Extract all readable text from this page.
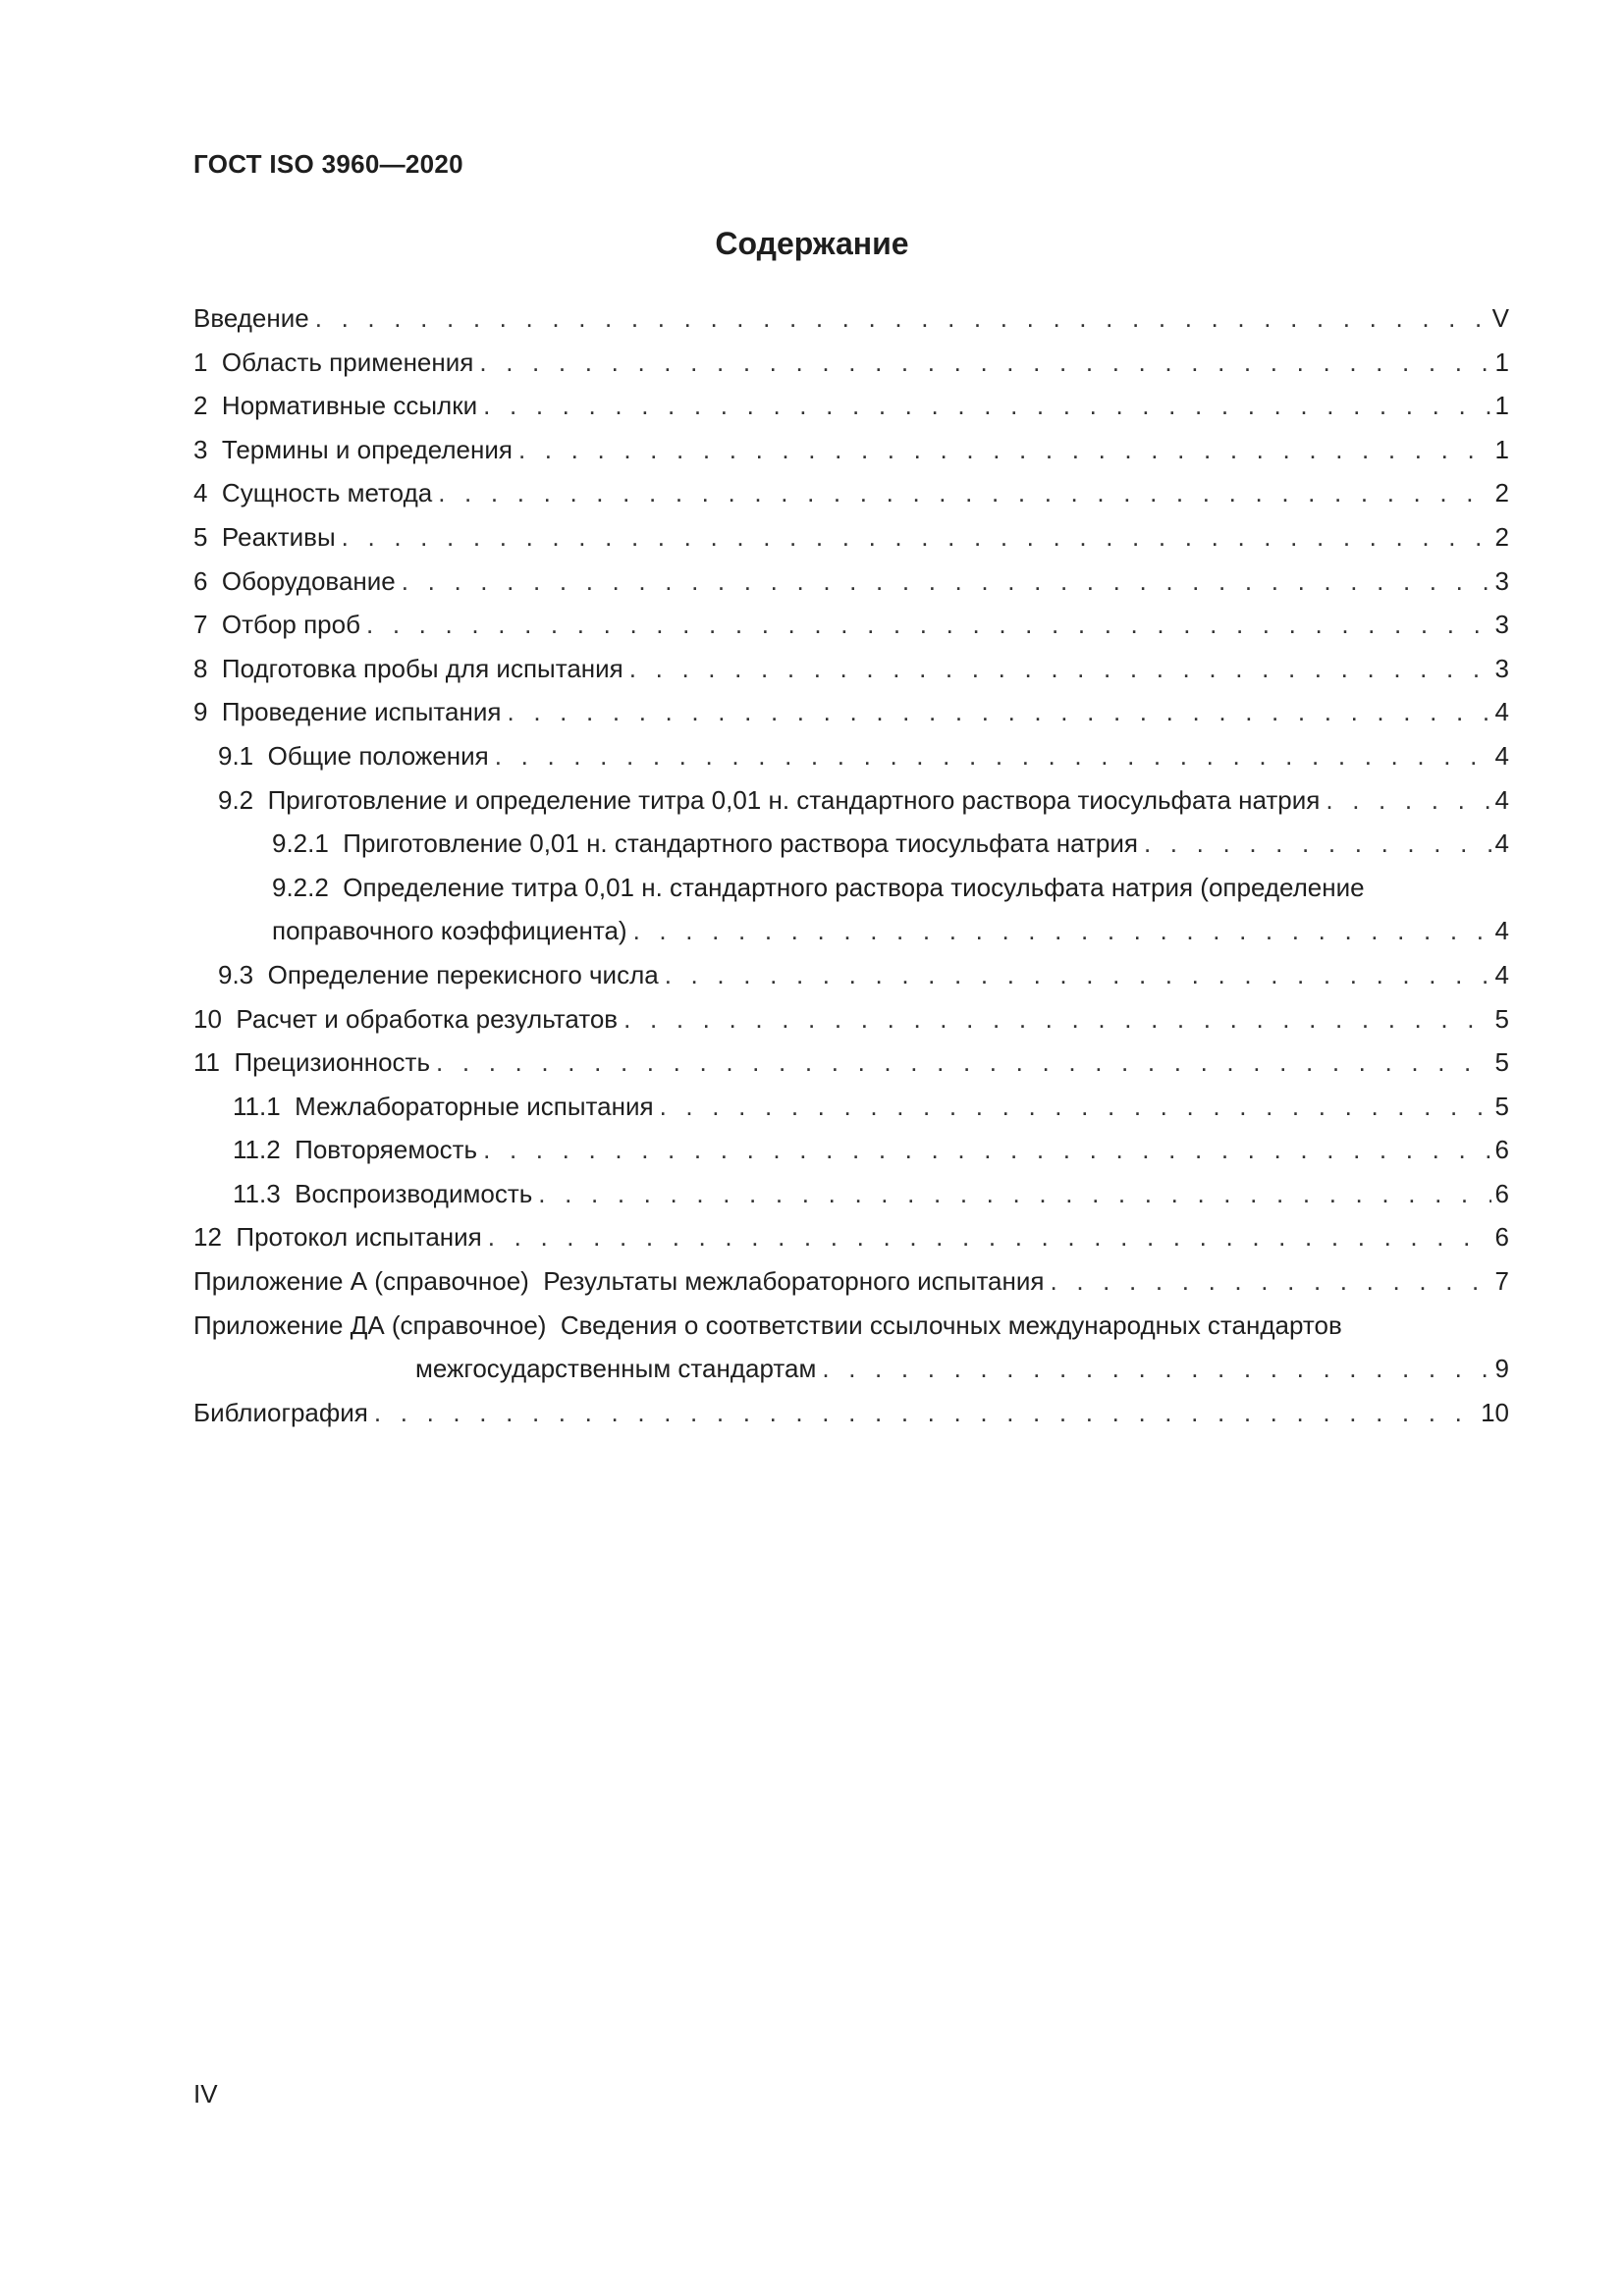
ГОСТ ISO 3960—2020
Содержание
Введение . . .	V
1 Область применения . . .	1
2 Нормативные ссылки . . .	1
3 Термины и определения . . .	1
4 Сущность метода . . .	2
5 Реактивы . . .	2
6 Оборудование . . .	3
7 Отбор проб . . .	3
8 Подготовка пробы для испытания . . .	3
9 Проведение испытания . . .	4
9.1 Общие положения . . .	4
9.2 Приготовление и определение титра 0,01 н. стандартного раствора тиосульфата натрия . . .	4
9.2.1 Приготовление 0,01 н. стандартного раствора тиосульфата натрия . . .	4
9.2.2 Определение титра 0,01 н. стандартного раствора тиосульфата натрия (определение
поправочного коэффициента) . . .	4
9.3 Определение перекисного числа . . .	4
10 Расчет и обработка результатов . . .	5
11 Прецизионность . . .	5
11.1 Межлабораторные испытания . . .	5
11.2 Повторяемость . . .	6
11.3 Воспроизводимость . . .	6
12 Протокол испытания . . .	6
Приложение А (справочное)  Результаты межлабораторного испытания . . .	7
Приложение ДА (справочное)  Сведения о соответствии ссылочных международных стандартов
межгосударственным стандартам . . .	9
Библиография . . .	10
IV
